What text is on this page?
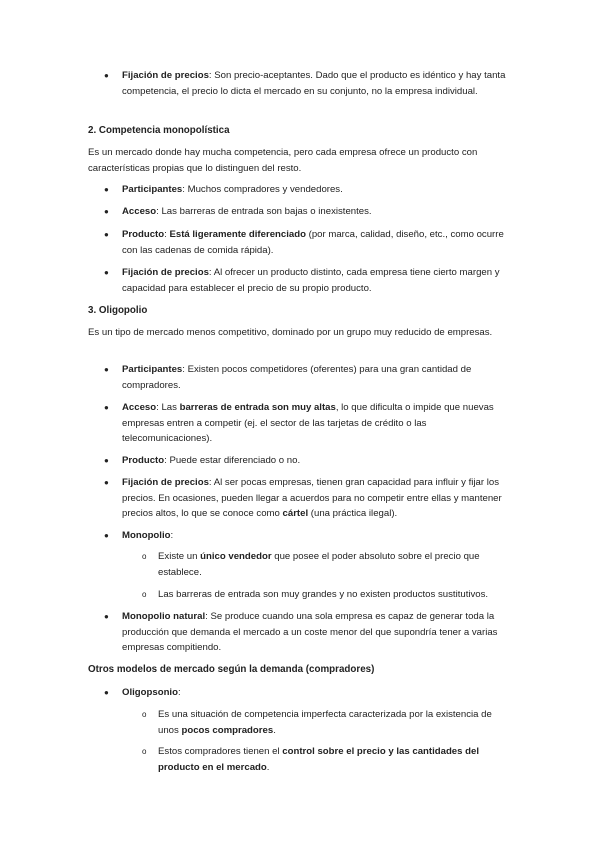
●	Fijación de precios: Son precio-aceptantes. Dado que el producto es idéntico y hay tanta competencia, el precio lo dicta el mercado en su conjunto, no la empresa individual.
2. Competencia monopolística
Es un mercado donde hay mucha competencia, pero cada empresa ofrece un producto con características propias que lo distinguen del resto.
●	Participantes: Muchos compradores y vendedores.
●	Acceso: Las barreras de entrada son bajas o inexistentes.
●	Producto: Está ligeramente diferenciado (por marca, calidad, diseño, etc., como ocurre con las cadenas de comida rápida).
●	Fijación de precios: Al ofrecer un producto distinto, cada empresa tiene cierto margen y capacidad para establecer el precio de su propio producto.
3. Oligopolio
Es un tipo de mercado menos competitivo, dominado por un grupo muy reducido de empresas.
●	Participantes: Existen pocos competidores (oferentes) para una gran cantidad de compradores.
●	Acceso: Las barreras de entrada son muy altas, lo que dificulta o impide que nuevas empresas entren a competir (ej. el sector de las tarjetas de crédito o las telecomunicaciones).
●	Producto: Puede estar diferenciado o no.
●	Fijación de precios: Al ser pocas empresas, tienen gran capacidad para influir y fijar los precios. En ocasiones, pueden llegar a acuerdos para no competir entre ellas y mantener precios altos, lo que se conoce como cártel (una práctica ilegal).
●	Monopolio:
o	Existe un único vendedor que posee el poder absoluto sobre el precio que establece.
o	Las barreras de entrada son muy grandes y no existen productos sustitutivos.
●	Monopolio natural: Se produce cuando una sola empresa es capaz de generar toda la producción que demanda el mercado a un coste menor del que supondría tener a varias empresas compitiendo.
Otros modelos de mercado según la demanda (compradores)
●	Oligopsonio:
o	Es una situación de competencia imperfecta caracterizada por la existencia de unos pocos compradores.
o	Estos compradores tienen el control sobre el precio y las cantidades del producto en el mercado.
